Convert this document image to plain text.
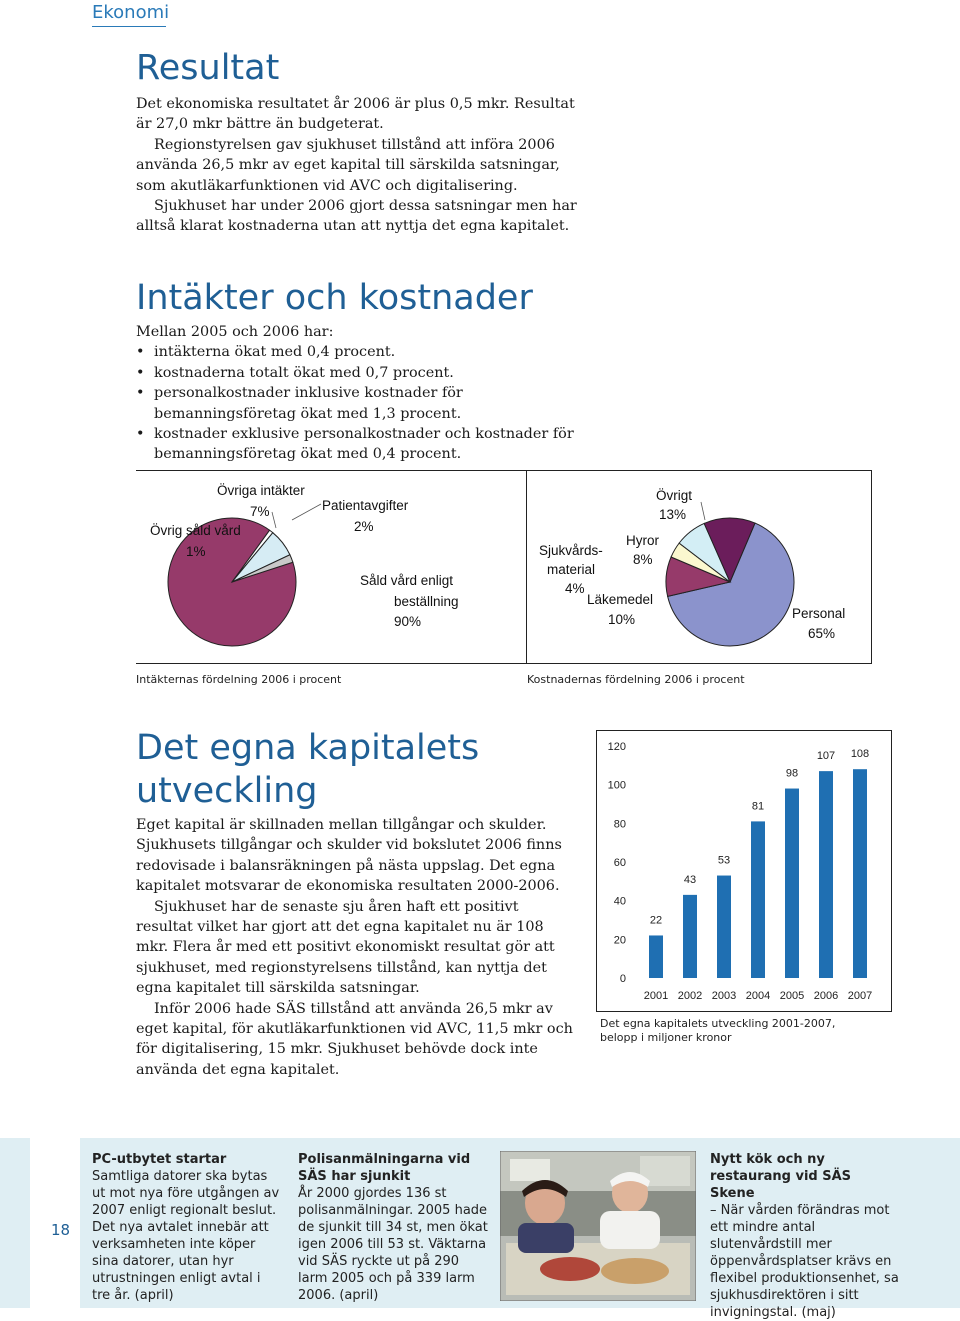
Ekonomi
Resultat

Det ekonomiska resultatet år 2006 är plus 0,5 mkr. Resultat är 27,0 mkr bättre än budgeterat.

Regionstyrelsen gav sjukhuset tillstånd att införa 2006 använda 26,5 mkr av eget kapital till särskilda satsningar, som akutläkarfunktionen vid AVC och digitalisering.

Sjukhuset har under 2006 gjort dessa satsningar men har alltså klarat kostnaderna utan att nyttja det egna kapitalet.

Intäkter och kostnader

Mellan 2005 och 2006 har:

• intäkterna ökat med 0,4 procent.
• kostnaderna totalt ökat med 0,7 procent.
• personalkostnader inklusive kostnader för bemanningsföretag ökat med 1,3 procent.
• kostnader exklusive personalkostnader och kostnader för bemanningsföretag ökat med 0,4 procent.
Övriga intäkter
7%	Patientavgifter
2%
Övrig såld vård
1%
Såld vård enligt
beställning
90%
Intäkternas fördelning 2006 i procent
Övrigt
13%
Hyror
8%
Sjukvårds-
material
4%
Läkemedel
10%	Personal
65%
Kostnadernas fördelning 2006 i procent
Det egna kapitalets
utveckling

Eget kapital är skillnaden mellan tillgångar och skulder. Sjukhusets tillgångar och skulder vid bokslutet 2006 finns redovisade i balansräkningen på nästa uppslag. Det egna kapitalet motsvarar de ekonomiska resultaten 2000-2006.

Sjukhuset har de senaste sju åren haft ett positivt resultat vilket har gjort att det egna kapitalet nu är 108 mkr. Flera år med ett positivt ekonomiskt resultat gör att sjukhuset, med regionstyrelsens tillstånd, kan nyttja det egna kapitalet till särskilda satsningar.

Inför 2006 hade SÄS tillstånd att använda 26,5 mkr av eget kapital, för akutläkarfunktionen vid AVC, 11,5 mkr och för digitalisering, 15 mkr. Sjukhuset behövde dock inte använda det egna kapitalet.

0
20
40
60
80
100
120
22
43
53
81
98
107 108
2001 2002 2003 2004 2005 2006 2007
Det egna kapitalets utveckling 2001-2007,
belopp i miljoner kronor
18
PC-utbytet startar
Samtliga datorer ska bytas ut mot nya före utgången av 2007 enligt regionalt beslut. Det nya avtalet innebär att verksamheten inte köper sina datorer, utan hyr utrustningen enligt avtal i tre år. (april)
Polisanmälningarna vid SÄS har sjunkit
År 2000 gjordes 136 st polisanmälningar. 2005 hade de sjunkit till 34 st, men ökat igen 2006 till 53 st. Väktarna vid SÄS ryckte ut på 290 larm 2005 och på 339 larm 2006. (april)
Nytt kök och ny restaurang vid SÄS Skene
– När vården förändras mot ett mindre antal slutenvårdstill mer öppenvårdsplatser krävs en flexibel produktionsenhet, sa sjukhusdirektören i sitt invigningstal. (maj)
